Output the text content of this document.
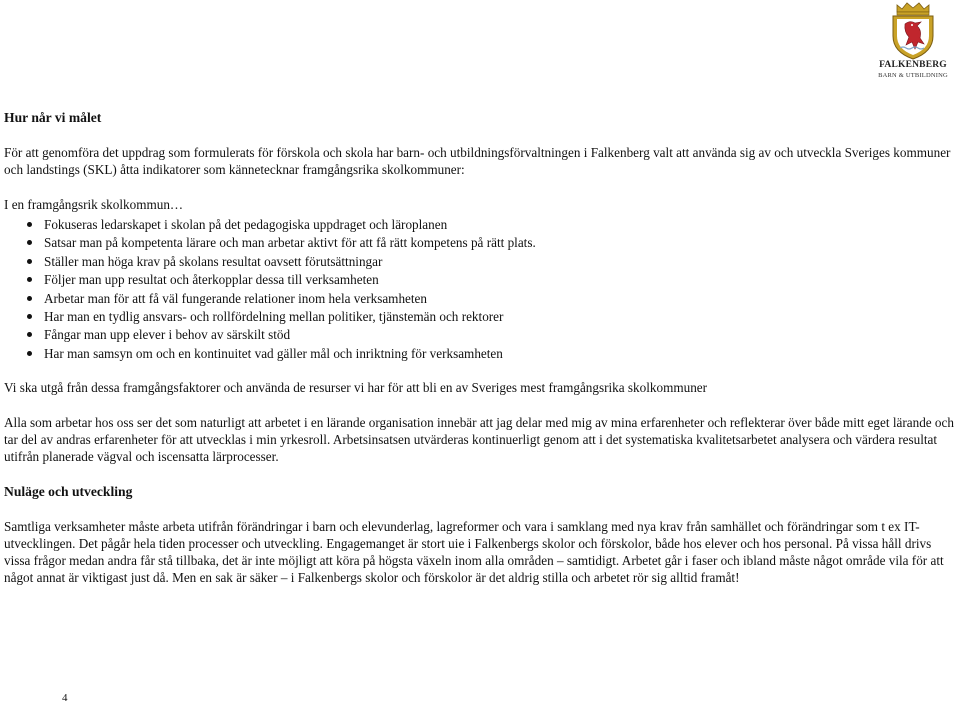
FALKENBERG
BARN & UTBILDNING

Hur når vi målet

För att genomföra det uppdrag som formulerats för förskola och skola har barn- och utbildningsförvaltningen i Falkenberg valt att använda sig av och utveckla Sveriges kommuner och landstings (SKL) åtta indikatorer som kännetecknar framgångsrika skolkommuner:

I en framgångsrik skolkommun…

Fokuseras ledarskapet i skolan på det pedagogiska uppdraget och läroplanen
Satsar man på kompetenta lärare och man arbetar aktivt för att få rätt kompetens på rätt plats.
Ställer man höga krav på skolans resultat oavsett förutsättningar
Följer man upp resultat och återkopplar dessa till verksamheten
Arbetar man för att få väl fungerande relationer inom hela verksamheten
Har man en tydlig ansvars- och rollfördelning mellan politiker, tjänstemän och rektorer
Fångar man upp elever i behov av särskilt stöd
Har man samsyn om och en kontinuitet vad gäller mål och inriktning för verksamheten

Vi ska utgå från dessa framgångsfaktorer och använda de resurser vi har för att bli en av Sveriges mest framgångsrika skolkommuner

Alla som arbetar hos oss ser det som naturligt att arbetet i en lärande organisation innebär att jag delar med mig av mina erfarenheter och reflekterar över både mitt eget lärande och tar del av andras erfarenheter för att utvecklas i min yrkesroll. Arbetsinsatsen utvärderas kontinuerligt genom att i det systematiska kvalitetsarbetet analysera och värdera resultat utifrån planerade vägval och iscensatta lärprocesser.

Nuläge och utveckling

Samtliga verksamheter måste arbeta utifrån förändringar i barn och elevunderlag, lagreformer och vara i samklang med nya krav från samhället och förändringar som t ex IT-utvecklingen. Det pågår hela tiden processer och utveckling. Engagemanget är stort uie i Falkenbergs skolor och förskolor, både hos elever och hos personal. På vissa håll drivs vissa frågor medan andra får stå tillbaka, det är inte möjligt att köra på högsta växeln inom alla områden – samtidigt. Arbetet går i faser och ibland måste något område vila för att något annat är viktigast just då. Men en sak är säker – i Falkenbergs skolor och förskolor är det aldrig stilla och arbetet rör sig alltid framåt!

4
